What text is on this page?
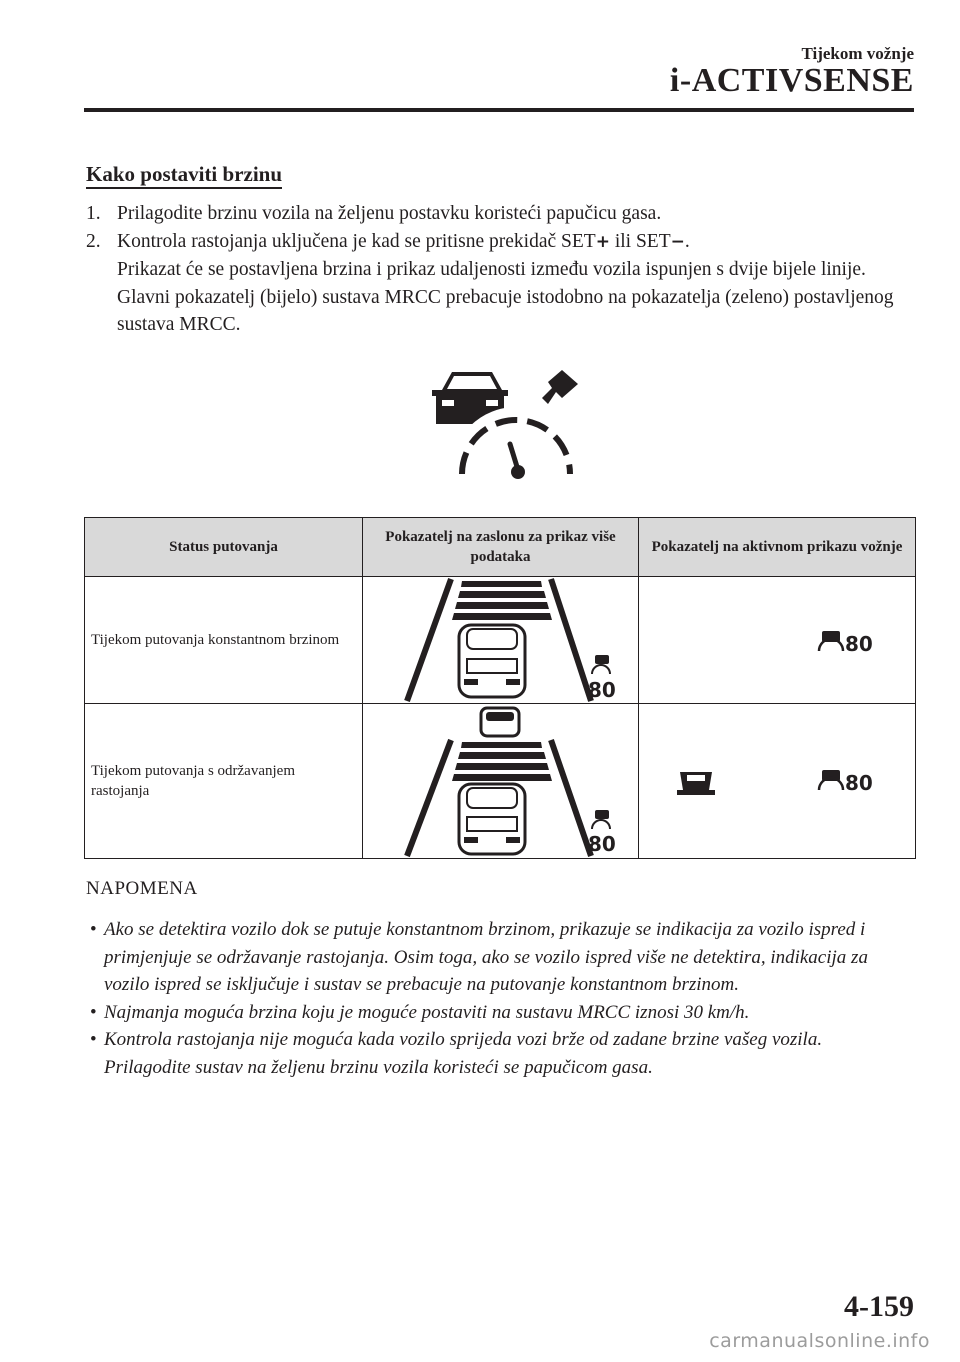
Tijekom vožnje
i-ACTIVSENSE
Kako postaviti brzinu
1. Prilagodite brzinu vozila na željenu postavku koristeći papučicu gasa.
2. Kontrola rastojanja uključena je kad se pritisne prekidač SET+ ili SET−.
Prikazat će se postavljena brzina i prikaz udaljenosti između vozila ispunjen s dvije bijele linije. Glavni pokazatelj (bijelo) sustava MRCC prebacuje istodobno na pokazatelja (zeleno) postavljenog sustava MRCC.
Status putovanja	Pokazatelj na zaslonu za prikaz više podataka	Pokazatelj na aktivnom prikazu vožnje
Tijekom putovanja konstantnom brzinom	80	80

Tijekom putovanja s održavanjem rastojanja	80	80
NAPOMENA
• Ako se detektira vozilo dok se putuje konstantnom brzinom, prikazuje se indikacija za vozilo ispred i primjenjuje se održavanje rastojanja. Osim toga, ako se vozilo ispred više ne detektira, indikacija za vozilo ispred se isključuje i sustav se prebacuje na putovanje konstantnom brzinom.
• Najmanja moguća brzina koju je moguće postaviti na sustavu MRCC iznosi 30 km/h.
• Kontrola rastojanja nije moguća kada vozilo sprijeda vozi brže od zadane brzine vašeg vozila. Prilagodite sustav na željenu brzinu vozila koristeći se papučicom gasa.
4-159
carmanualsonline.info
